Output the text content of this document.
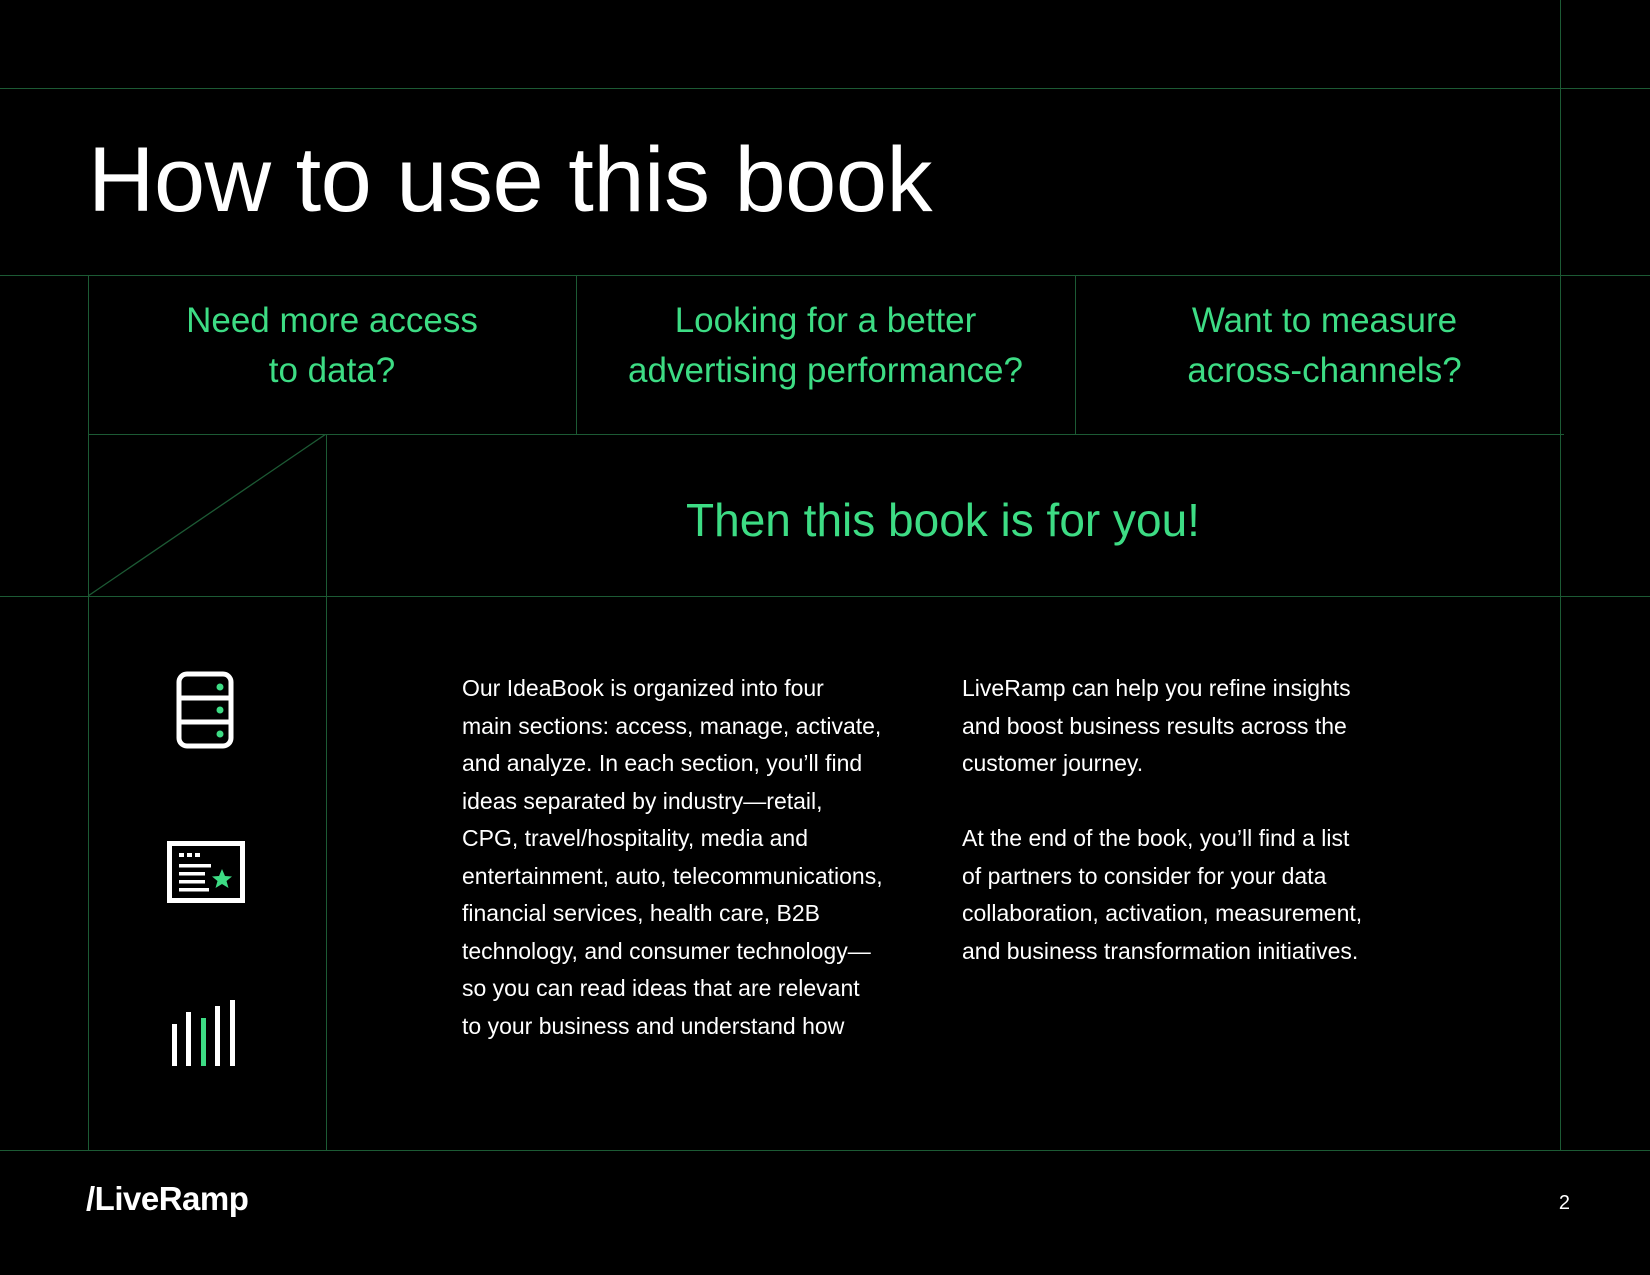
How to use this book
Need more access
to data?
Looking for a better
advertising performance?
Want to measure
across-channels?
Then this book is for you!
Our IdeaBook is organized into four
main sections: access, manage, activate,
and analyze. In each section, you’ll find
ideas separated by industry—retail,
CPG, travel/hospitality, media and
entertainment, auto, telecommunications,
financial services, health care, B2B
technology, and consumer technology—
so you can read ideas that are relevant
to your business and understand how
LiveRamp can help you refine insights
and boost business results across the
customer journey.

At the end of the book, you’ll find a list
of partners to consider for your data
collaboration, activation, measurement,
and business transformation initiatives.
/LiveRamp	2
